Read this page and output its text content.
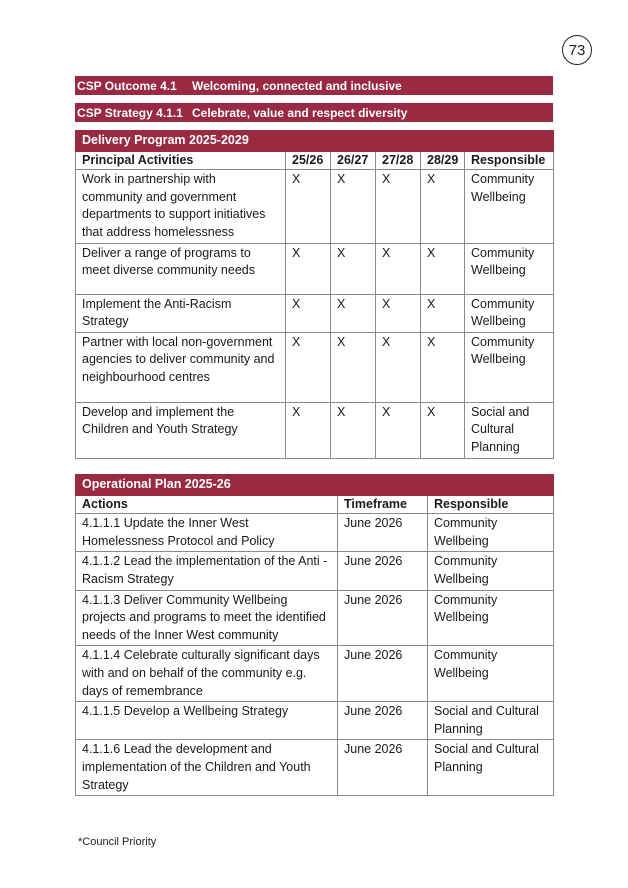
73
CSP Outcome 4.1	Welcoming, connected and inclusive
CSP Strategy 4.1.1 Celebrate, value and respect diversity
Delivery Program 2025-2029					
Principal Activities	25/26	26/27	27/28	28/29	Responsible
Work in partnership with community and government departments to support initiatives that address homelessness	X	X	X	X	Community Wellbeing
Deliver a range of programs to meet diverse community needs	X	X	X	X	Community Wellbeing
Implement the Anti-Racism Strategy	X	X	X	X	Community Wellbeing
Partner with local non-government agencies to deliver community and neighbourhood centres	X	X	X	X	Community Wellbeing
Develop and implement the Children and Youth Strategy	X	X	X	X	Social and Cultural Planning
Operational Plan 2025-26		
Actions	Timeframe	Responsible
4.1.1.1 Update the Inner West Homelessness Protocol and Policy	June 2026	Community Wellbeing
4.1.1.2 Lead the implementation of the Anti - Racism Strategy	June 2026	Community Wellbeing
4.1.1.3 Deliver Community Wellbeing projects and programs to meet the identified needs of the Inner West community	June 2026	Community Wellbeing
4.1.1.4 Celebrate culturally significant days with and on behalf of the community e.g. days of remembrance	June 2026	Community Wellbeing
4.1.1.5 Develop a Wellbeing Strategy	June 2026	Social and Cultural Planning
4.1.1.6 Lead the development and implementation of the Children and Youth Strategy	June 2026	Social and Cultural Planning
*Council Priority
